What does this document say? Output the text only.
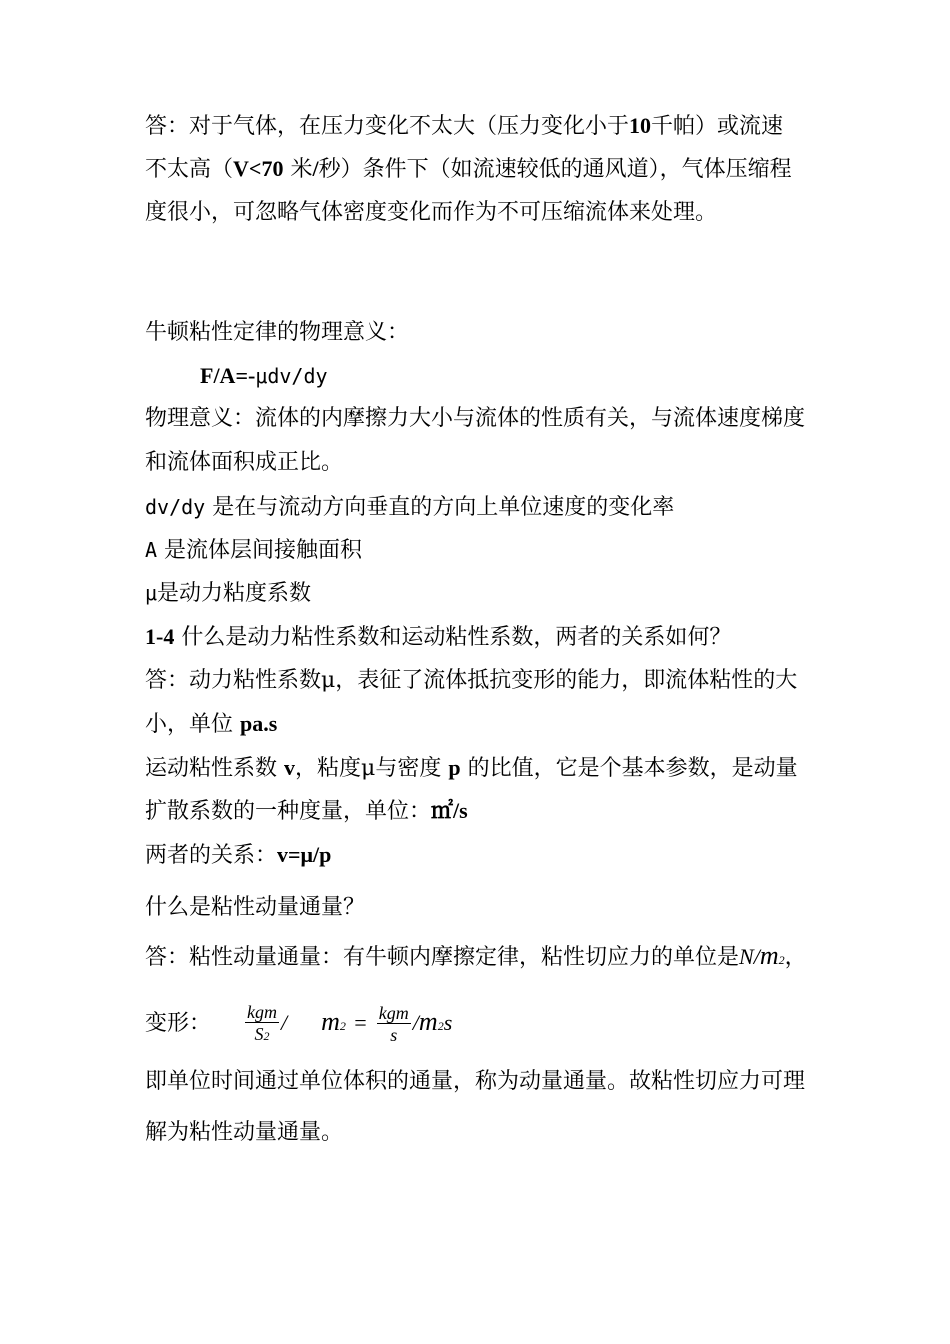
答：对于气体，在压力变化不太大（压力变化小于10千帕）或流速
不太高（V<70 米/秒）条件下（如流速较低的通风道），气体压缩程
度很小，可忽略气体密度变化而作为不可压缩流体来处理。
牛顿粘性定律的物理意义：
F/A=-μdv/dy
物理意义：流体的内摩擦力大小与流体的性质有关，与流体速度梯度
和流体面积成正比。
dv/dy 是在与流动方向垂直的方向上单位速度的变化率
A 是流体层间接触面积
μ是动力粘度系数
1-4 什么是动力粘性系数和运动粘性系数，两者的关系如何？
答：动力粘性系数μ，表征了流体抵抗变形的能力，即流体粘性的大
小，单位 pa.s
运动粘性系数 v，粘度μ与密度 p 的比值，它是个基本参数，是动量
扩散系数的一种度量，单位：㎡/s
两者的关系：v=μ/p
什么是粘性动量通量？
答：粘性动量通量：有牛顿内摩擦定律，粘性切应力的单位是N/m2，
变形： $\frac{\text{kgm}}{S2} / m2 = \frac{\text{kgm}}{s} /m2s$
即单位时间通过单位体积的通量，称为动量通量。故粘性切应力可理
解为粘性动量通量。
